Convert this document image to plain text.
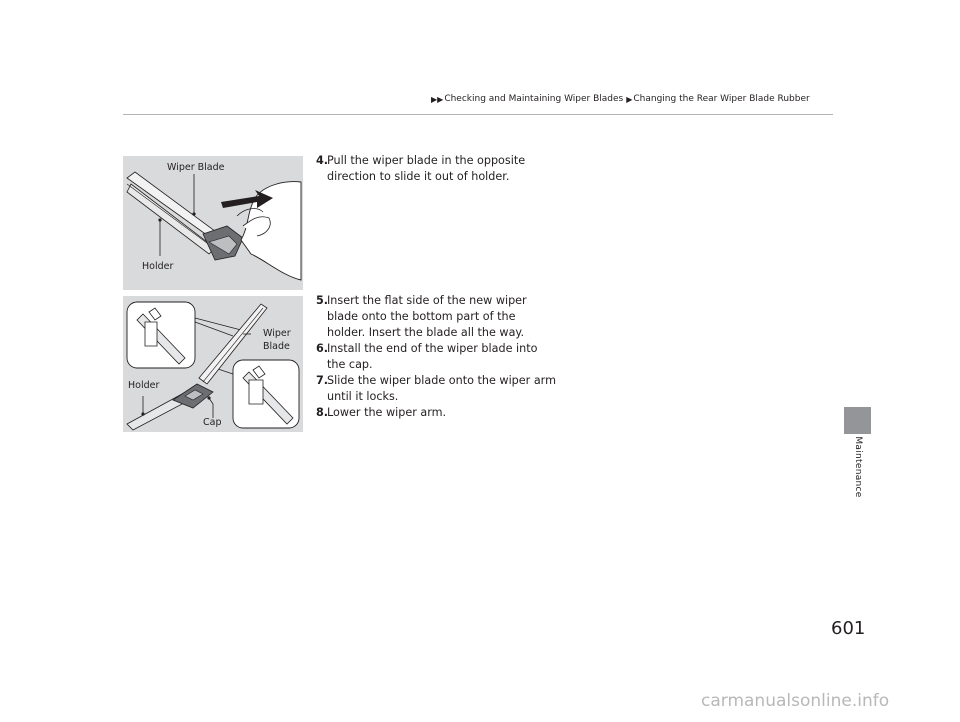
▶▶ Checking and Maintaining Wiper Blades ▶ Changing the Rear Wiper Blade Rubber
Wiper Blade
Holder
Wiper
Blade
Holder
Cap

4.
Pull the wiper blade in the opposite direction to slide it out of holder.

5.
Insert the flat side of the new wiper blade onto the bottom part of the holder. Insert the blade all the way.

6.
Install the end of the wiper blade into the cap.

7.
Slide the wiper blade onto the wiper arm until it locks.

8.
Lower the wiper arm.

Maintenance
601
carmanualsonline.info
